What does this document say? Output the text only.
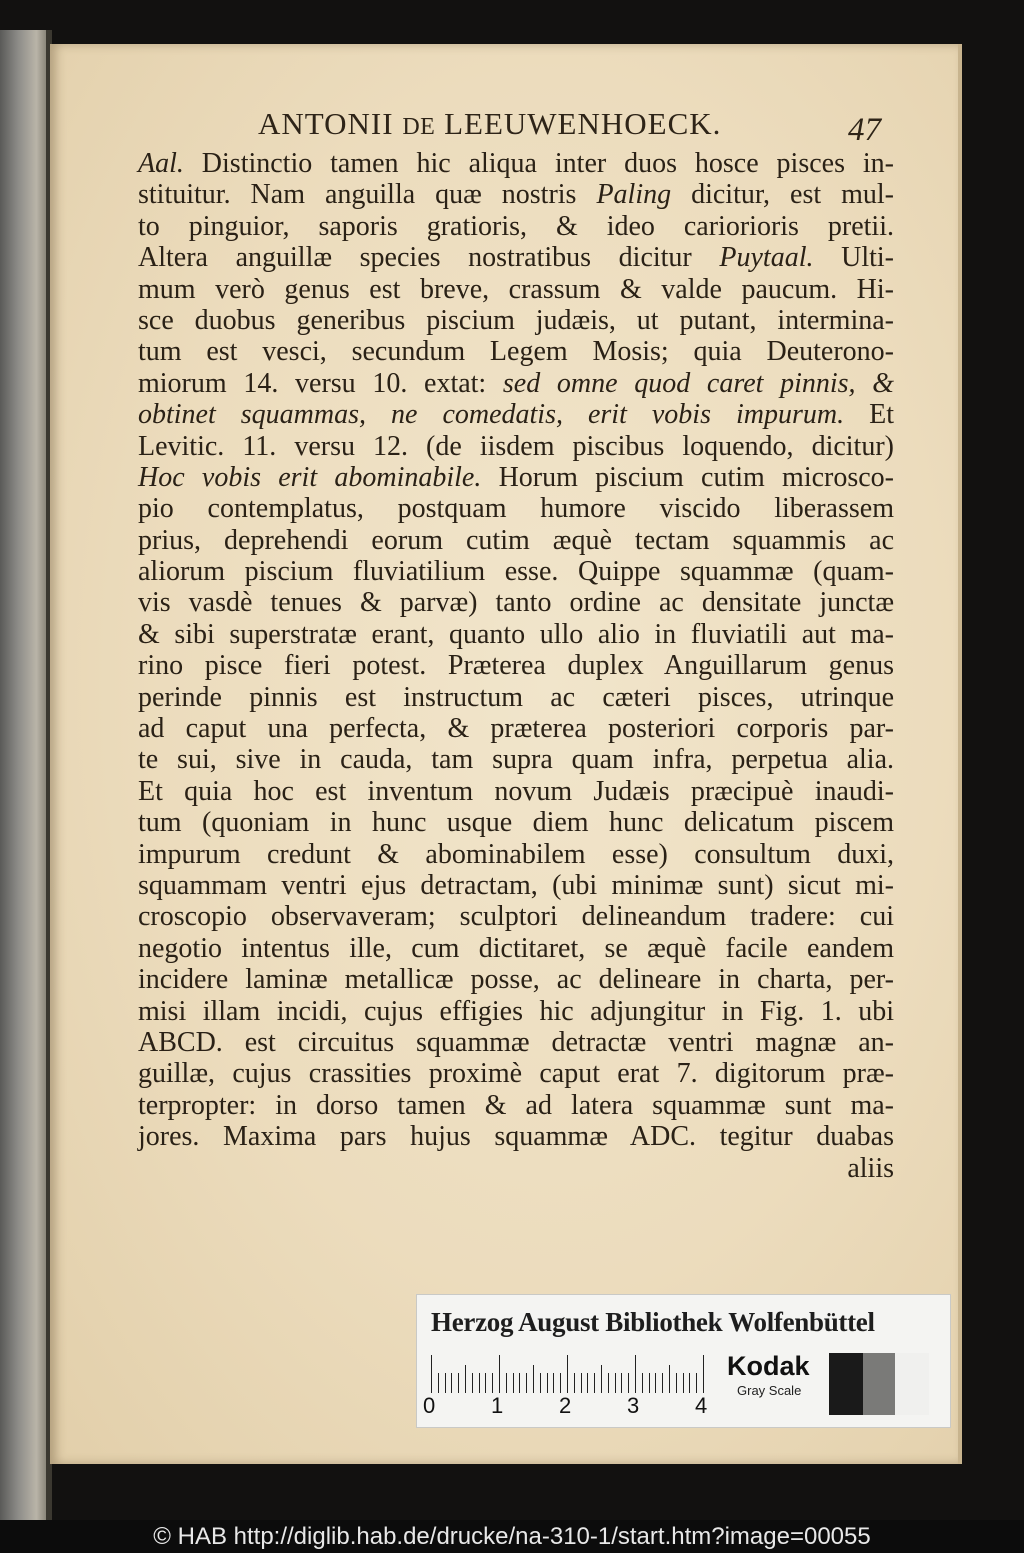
ANTONII DE LEEUWENHOECK.	47
Aal. Distinctio tamen hic aliqua inter duos hosce pisces in-
stituitur. Nam anguilla quæ nostris Paling dicitur, est mul-
to pinguior, saporis gratioris, & ideo cariorioris pretii.
Altera anguillæ species nostratibus dicitur Puytaal. Ulti-
mum verò genus est breve, crassum & valde paucum. Hi-
sce duobus generibus piscium judæis, ut putant, intermina-
tum est vesci, secundum Legem Mosis; quia Deuterono-
miorum 14. versu 10. extat: sed omne quod caret pinnis, &
obtinet squammas, ne comedatis, erit vobis impurum. Et
Levitic. 11. versu 12. (de iisdem piscibus loquendo, dicitur)
Hoc vobis erit abominabile. Horum piscium cutim microsco-
pio contemplatus, postquam humore viscido liberassem
prius, deprehendi eorum cutim æquè tectam squammis ac
aliorum piscium fluviatilium esse. Quippe squammæ (quam-
vis vasdè tenues & parvæ) tanto ordine ac densitate junctæ
& sibi superstratæ erant, quanto ullo alio in fluviatili aut ma-
rino pisce fieri potest. Præterea duplex Anguillarum genus
perinde pinnis est instructum ac cæteri pisces, utrinque
ad caput una perfecta, & præterea posteriori corporis par-
te sui, sive in cauda, tam supra quam infra, perpetua alia.
Et quia hoc est inventum novum Judæis præcipuè inaudi-
tum (quoniam in hunc usque diem hunc delicatum piscem
impurum credunt & abominabilem esse) consultum duxi,
squammam ventri ejus detractam, (ubi minimæ sunt) sicut mi-
croscopio observaveram; sculptori delineandum tradere: cui
negotio intentus ille, cum dictitaret, se æquè facile eandem
incidere laminæ metallicæ posse, ac delineare in charta, per-
misi illam incidi, cujus effigies hic adjungitur in Fig. 1. ubi
ABCD. est circuitus squammæ detractæ ventri magnæ an-
guillæ, cujus crassities proximè caput erat 7. digitorum præ-
terpropter: in dorso tamen & ad latera squammæ sunt ma-
jores. Maxima pars hujus squammæ ADC. tegitur duabas
aliis
Herzog August Bibliothek Wolfenbüttel
0	1	2	3	4
Kodak
Gray Scale
© HAB http://diglib.hab.de/drucke/na-310-1/start.htm?image=00055
